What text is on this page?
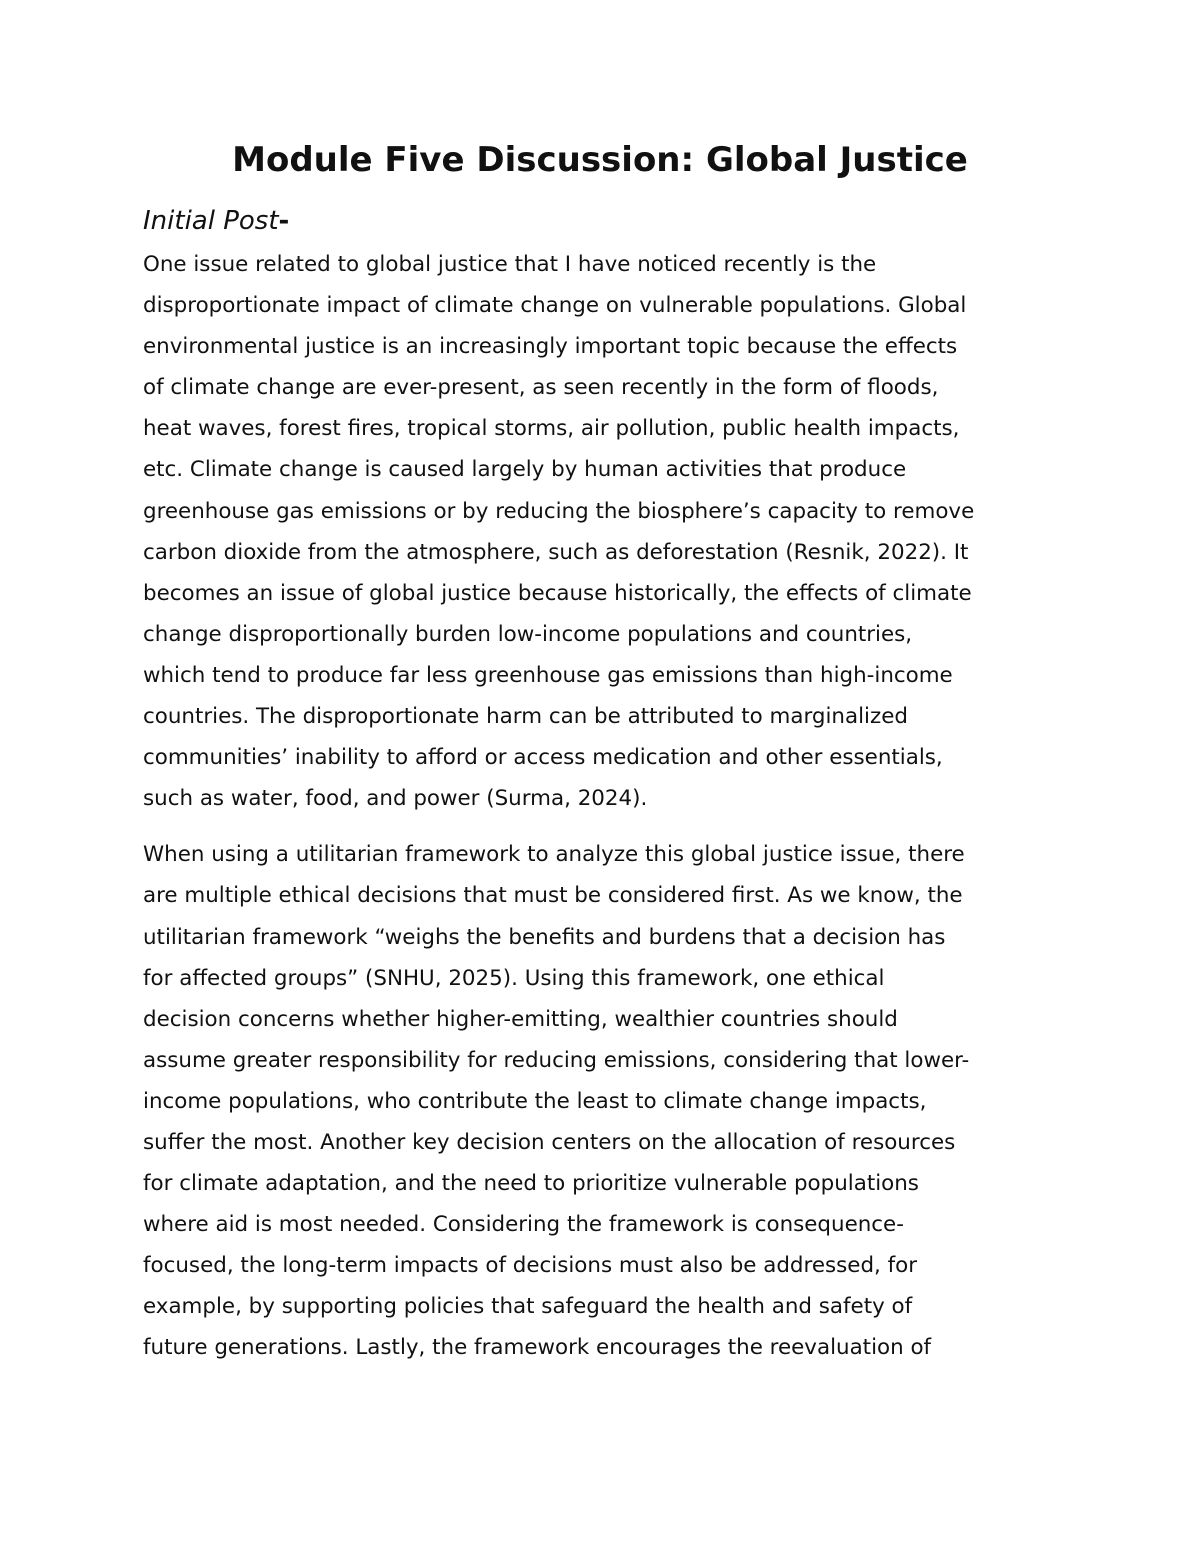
Module Five Discussion: Global Justice
Initial Post-

One issue related to global justice that I have noticed recently is the
disproportionate impact of climate change on vulnerable populations. Global
environmental justice is an increasingly important topic because the effects
of climate change are ever-present, as seen recently in the form of floods,
heat waves, forest fires, tropical storms, air pollution, public health impacts,
etc. Climate change is caused largely by human activities that produce
greenhouse gas emissions or by reducing the biosphere’s capacity to remove
carbon dioxide from the atmosphere, such as deforestation (Resnik, 2022). It
becomes an issue of global justice because historically, the effects of climate
change disproportionally burden low-income populations and countries,
which tend to produce far less greenhouse gas emissions than high-income
countries. The disproportionate harm can be attributed to marginalized
communities’ inability to afford or access medication and other essentials,
such as water, food, and power (Surma, 2024).

When using a utilitarian framework to analyze this global justice issue, there
are multiple ethical decisions that must be considered first. As we know, the
utilitarian framework “weighs the benefits and burdens that a decision has
for affected groups” (SNHU, 2025). Using this framework, one ethical
decision concerns whether higher-emitting, wealthier countries should
assume greater responsibility for reducing emissions, considering that lower-
income populations, who contribute the least to climate change impacts,
suffer the most. Another key decision centers on the allocation of resources
for climate adaptation, and the need to prioritize vulnerable populations
where aid is most needed. Considering the framework is consequence-
focused, the long-term impacts of decisions must also be addressed, for
example, by supporting policies that safeguard the health and safety of
future generations. Lastly, the framework encourages the reevaluation of
